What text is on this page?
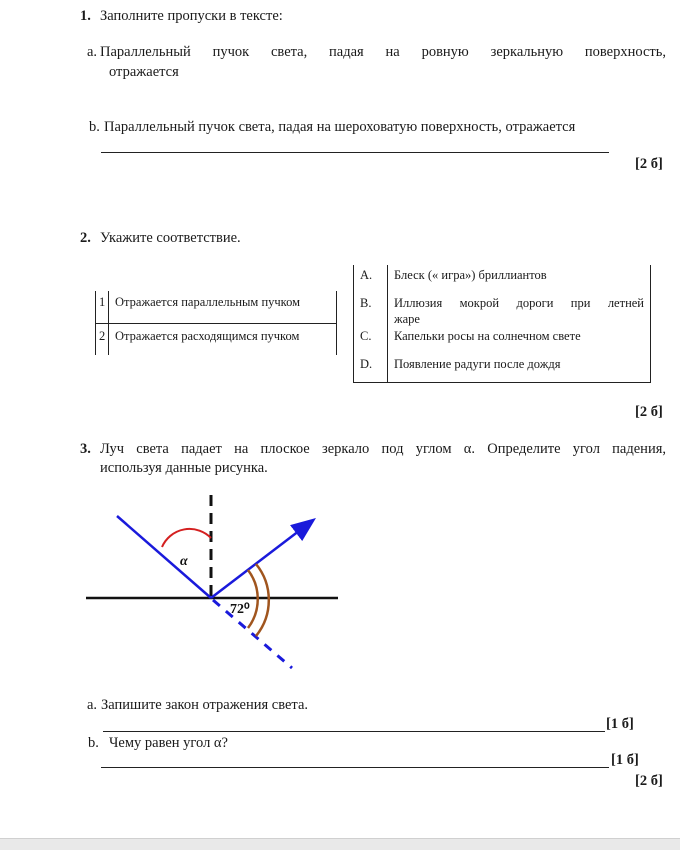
1. Заполните пропуски в тексте:
a. Параллельный пучок света, падая на ровную зеркальную поверхность,
отражается
b. Параллельный пучок света, падая на шероховатую поверхность, отражается
[2 б]
2. Укажите соответствие.
1 Отражается параллельным пучком
2 Отражается расходящимся пучком
A. Блеск (« игра») бриллиантов
B. Иллюзия мокрой дороги при летней
жаре
C. Капельки росы на солнечном свете
D. Появление радуги после дождя
[2 б]
3. Луч света падает на плоское зеркало под углом α. Определите угол падения,
используя данные рисунка.
α
72⁰
a. Запишите закон отражения света.
[1 б]
b. Чему равен угол α?
[1 б]
[2 б]
